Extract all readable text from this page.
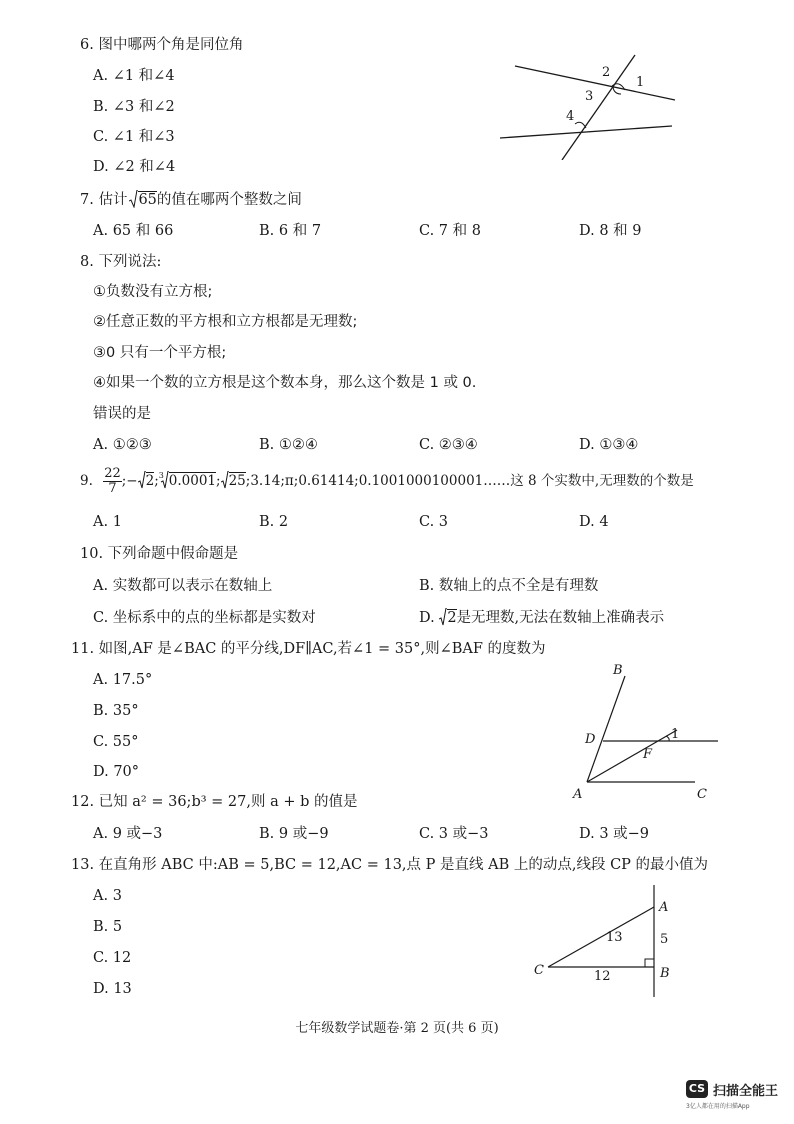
6. 图中哪两个角是同位角
A. ∠1 和∠4
B. ∠3 和∠2
C. ∠1 和∠3
D. ∠2 和∠4
2
1
3
4
7. 估计 65的值在哪两个整数之间
A. 65 和 66	B. 6 和 7	C. 7 和 8	D. 8 和 9
8. 下列说法:
①负数没有立方根;
②任意正数的平方根和立方根都是无理数;
③0 只有一个平方根;
④如果一个数的立方根是这个数本身，那么这个数是 1 或 0.
错误的是
A. ①②③	B. ①②④	C. ②③④	D. ①③④
9. $\frac{22}{7}$ ;− 2; 3 0.0001; 25;3.14;π;0.61414;0.1001000100001……这 8 个实数中,无理数的个数是
A. 1	B. 2	C. 3	D. 4
10. 下列命题中假命题是
A. 实数都可以表示在数轴上	B. 数轴上的点不全是有理数
C. 坐标系中的点的坐标都是实数对	D. 2是无理数,无法在数轴上准确表示
11. 如图,AF 是∠BAC 的平分线,DF∥AC,若∠1 = 35°,则∠BAF 的度数为
A. 17.5°
B. 35°
C. 55°
D. 70°
B
D
F
1
A	C
12. 已知 a² = 36;b³ = 27,则 a + b 的值是
A. 9 或−3	B. 9 或−9	C. 3 或−3	D. 3 或−9
13. 在直角形 ABC 中:AB = 5,BC = 12,AC = 13,点 P 是直线 AB 上的动点,线段 CP 的最小值为
A. 3
B. 5
C. 12
D. 13
A
B
C
13	5
12
七年级数学试题卷·第 2 页(共 6 页)
CS 扫描全能王
3亿人都在用的扫描App
